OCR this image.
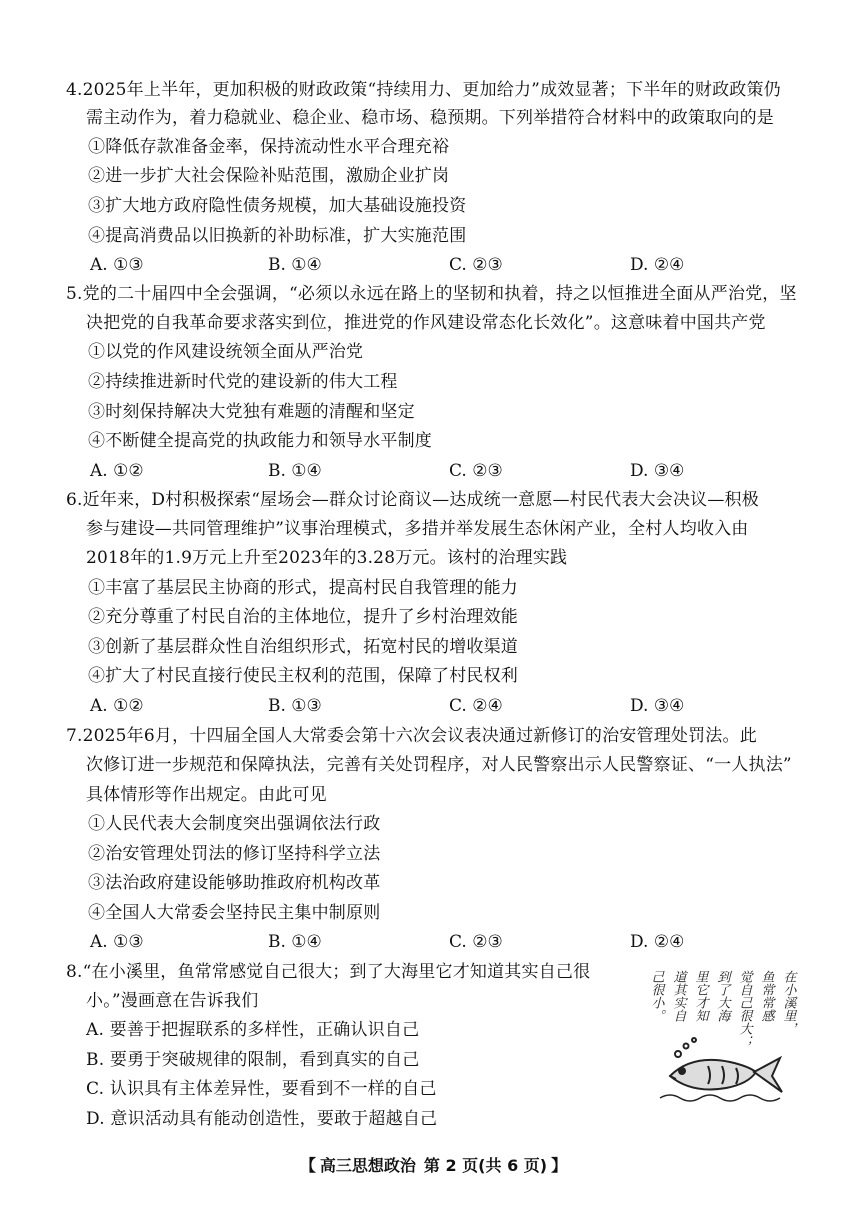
4.2025年上半年，更加积极的财政政策“持续用力、更加给力”成效显著；下半年的财政政策仍
需主动作为，着力稳就业、稳企业、稳市场、稳预期。下列举措符合材料中的政策取向的是
①降低存款准备金率，保持流动性水平合理充裕
②进一步扩大社会保险补贴范围，激励企业扩岗
③扩大地方政府隐性债务规模，加大基础设施投资
④提高消费品以旧换新的补助标准，扩大实施范围
A. ①③	B. ①④	C. ②③	D. ②④
5.党的二十届四中全会强调，“必须以永远在路上的坚韧和执着，持之以恒推进全面从严治党，坚
决把党的自我革命要求落实到位，推进党的作风建设常态化长效化”。这意味着中国共产党
①以党的作风建设统领全面从严治党
②持续推进新时代党的建设新的伟大工程
③时刻保持解决大党独有难题的清醒和坚定
④不断健全提高党的执政能力和领导水平制度
A. ①②	B. ①④	C. ②③	D. ③④
6.近年来，D村积极探索“屋场会—群众讨论商议—达成统一意愿—村民代表大会决议—积极
参与建设—共同管理维护”议事治理模式，多措并举发展生态休闲产业，全村人均收入由
2018年的1.9万元上升至2023年的3.28万元。该村的治理实践
①丰富了基层民主协商的形式，提高村民自我管理的能力
②充分尊重了村民自治的主体地位，提升了乡村治理效能
③创新了基层群众性自治组织形式，拓宽村民的增收渠道
④扩大了村民直接行使民主权利的范围，保障了村民权利
A. ①②	B. ①③	C. ②④	D. ③④
7.2025年6月，十四届全国人大常委会第十六次会议表决通过新修订的治安管理处罚法。此
次修订进一步规范和保障执法，完善有关处罚程序，对人民警察出示人民警察证、“一人执法”
具体情形等作出规定。由此可见
①人民代表大会制度突出强调依法行政
②治安管理处罚法的修订坚持科学立法
③法治政府建设能够助推政府机构改革
④全国人大常委会坚持民主集中制原则
A. ①③	B. ①④	C. ②③	D. ②④
8.“在小溪里，鱼常常感觉自己很大；到了大海里它才知道其实自己很
小。”漫画意在告诉我们
A. 要善于把握联系的多样性，正确认识自己
B. 要勇于突破规律的限制，看到真实的自己
C. 认识具有主体差异性，要看到不一样的自己
D. 意识活动具有能动创造性，要敢于超越自己
在小溪里，
鱼常常感
觉自己很大；
到了大海
里它才知
道其实自
己很小。
【 高三思想政治 第 2 页(共 6 页) 】
